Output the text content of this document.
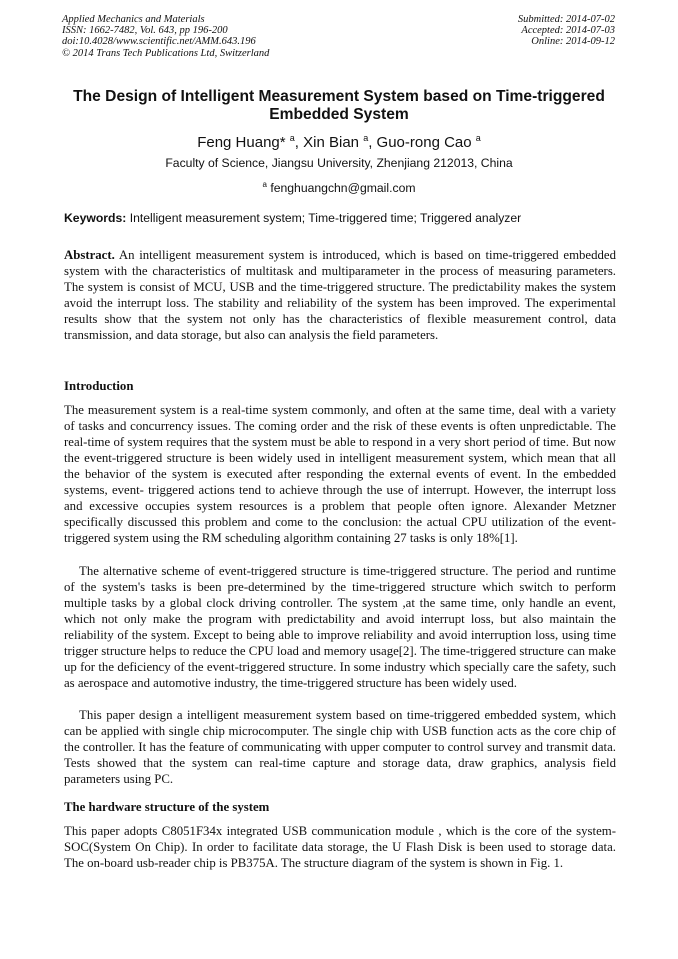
Applied Mechanics and Materials
ISSN: 1662-7482, Vol. 643, pp 196-200
doi:10.4028/www.scientific.net/AMM.643.196
© 2014 Trans Tech Publications Ltd, Switzerland
Submitted: 2014-07-02
Accepted: 2014-07-03
Online: 2014-09-12
The Design of Intelligent Measurement System based on Time-triggered
Embedded System
Feng Huang* $^a$, Xin Bian $^a$, Guo-rong Cao $^a$
Faculty of Science, Jiangsu University, Zhenjiang 212013, China
$^a$ fenghuangchn@gmail.com
Keywords: Intelligent measurement system; Time-triggered time; Triggered analyzer

Abstract. An intelligent measurement system is introduced, which is based on time-triggered embedded system with the characteristics of multitask and multiparameter in the process of measuring parameters. The system is consist of MCU, USB and the time-triggered structure. The predictability makes the system avoid the interrupt loss. The stability and reliability of the system has been improved. The experimental results show that the system not only has the characteristics of flexible measurement control, data transmission, and data storage, but also can analysis the field parameters.

Introduction

The measurement system is a real-time system commonly, and often at the same time, deal with a variety of tasks and concurrency issues. The coming order and the risk of these events is often unpredictable. The real-time of system requires that the system must be able to respond in a very short period of time. But now the event-triggered structure is been widely used in intelligent measurement system, which mean that all the behavior of the system is executed after responding the external events of event. In the embedded systems, event- triggered actions tend to achieve through the use of interrupt. However, the interrupt loss and excessive occupies system resources is a problem that people often ignore. Alexander Metzner specifically discussed this problem and come to the conclusion: the actual CPU utilization of the event-triggered system using the RM scheduling algorithm containing 27 tasks is only 18%[1].

The alternative scheme of event-triggered structure is time-triggered structure. The period and runtime of the system's tasks is been pre-determined by the time-triggered structure which switch to perform multiple tasks by a global clock driving controller. The system ,at the same time, only handle an event, which not only make the program with predictability and avoid interrupt loss, but also maintain the reliability of the system. Except to being able to improve reliability and avoid interruption loss, using time trigger structure helps to reduce the CPU load and memory usage[2]. The time-triggered structure can make up for the deficiency of the event-triggered structure. In some industry which specially care the safety, such as aerospace and automotive industry, the time-triggered structure has been widely used.

This paper design a intelligent measurement system based on time-triggered embedded system, which can be applied with single chip microcomputer. The single chip with USB function acts as the core chip of the controller. It has the feature of communicating with upper computer to control survey and transmit data. Tests showed that the system can real-time capture and storage data, draw graphics, analysis field parameters using PC.

The hardware structure of the system

This paper adopts C8051F34x integrated USB communication module , which is the core of the system-SOC(System On Chip). In order to facilitate data storage, the U Flash Disk is been used to storage data. The on-board usb-reader chip is PB375A. The structure diagram of the system is shown in Fig. 1.
